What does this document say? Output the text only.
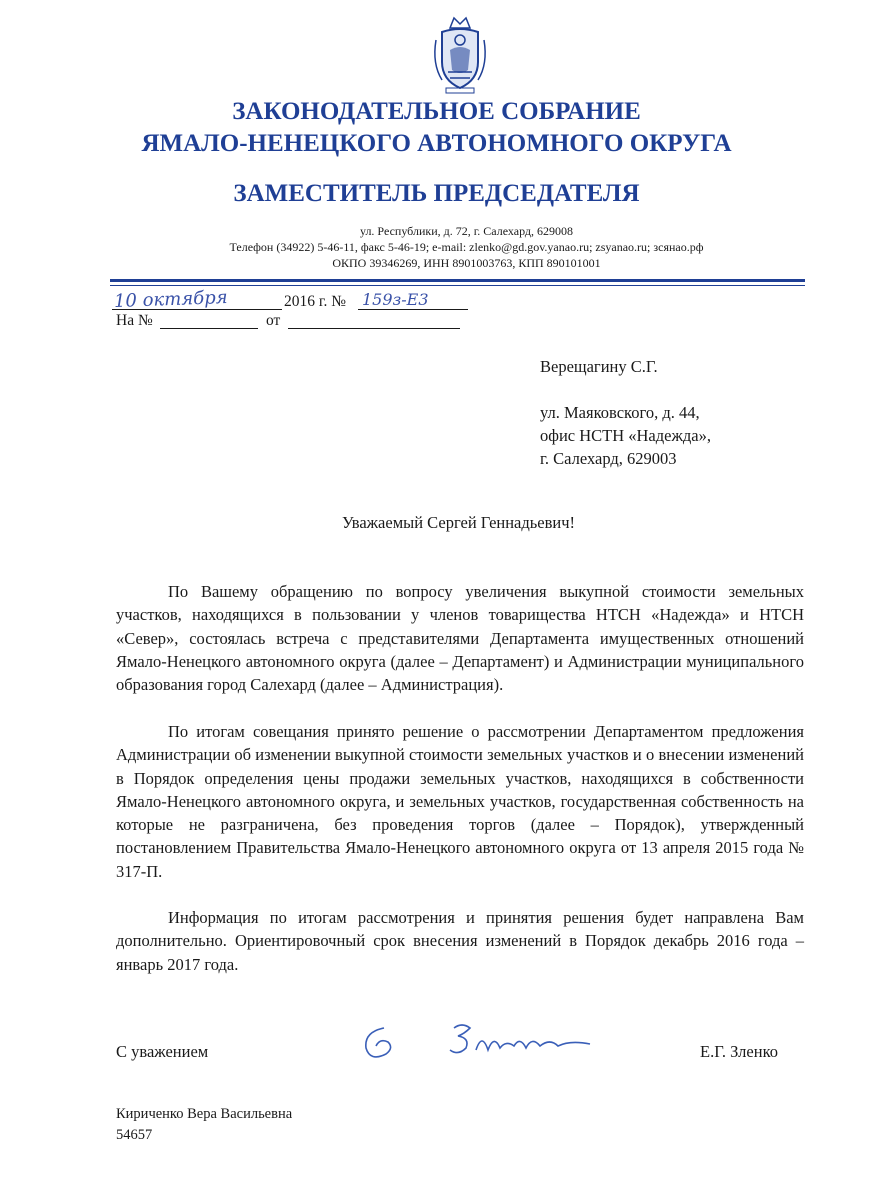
ЗАКОНОДАТЕЛЬНОЕ СОБРАНИЕ
ЯМАЛО-НЕНЕЦКОГО АВТОНОМНОГО ОКРУГА
ЗАМЕСТИТЕЛЬ ПРЕДСЕДАТЕЛЯ
ул. Республики, д. 72, г. Салехард, 629008
Телефон (34922) 5-46-11, факс 5-46-19; e-mail: zlenko@gd.gov.yanao.ru; zsyanao.ru; зсянао.рф
ОКПО 39346269, ИНН 8901003763, КПП 890101001
10 октября	2016 г. № 159з-Е3
На №	от
Верещагину С.Г.
ул. Маяковского, д. 44,
офис НСТН «Надежда»,
г. Салехард, 629003
Уважаемый Сергей Геннадьевич!
По Вашему обращению по вопросу увеличения выкупной стоимости земельных участков, находящихся в пользовании у членов товарищества НТСН «Надежда» и НТСН «Север», состоялась встреча с представителями Департамента имущественных отношений Ямало-Ненецкого автономного округа (далее – Департамент) и Администрации муниципального образования город Салехард (далее – Администрация).
По итогам совещания принято решение о рассмотрении Департаментом предложения Администрации об изменении выкупной стоимости земельных участков и о внесении изменений в Порядок определения цены продажи земельных участков, находящихся в собственности Ямало-Ненецкого автономного округа, и земельных участков, государственная собственность на которые не разграничена, без проведения торгов (далее – Порядок), утвержденный постановлением Правительства Ямало-Ненецкого автономного округа от 13 апреля 2015 года № 317-П.
Информация по итогам рассмотрения и принятия решения будет направлена Вам дополнительно. Ориентировочный срок внесения изменений в Порядок декабрь 2016 года – январь 2017 года.
С уважением	Е.Г. Зленко
Кириченко Вера Васильевна
54657
